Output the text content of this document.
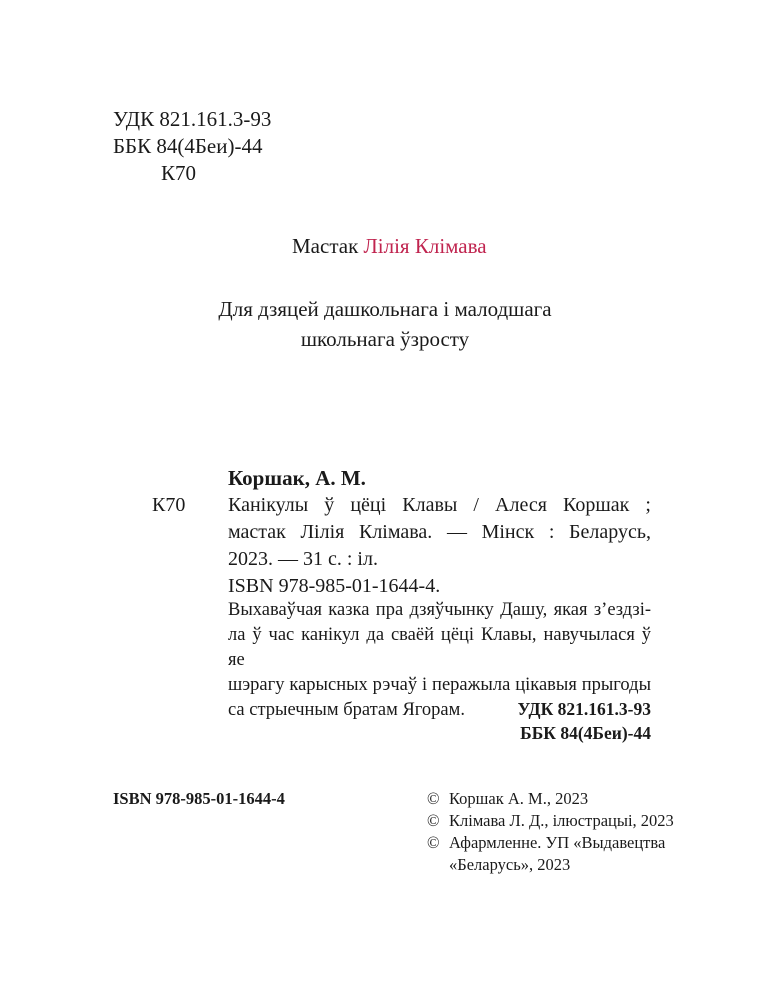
УДК 821.161.3-93
ББК 84(4Беи)-44
К70
Мастак Лілія Клімава
Для дзяцей дашкольнага і малодшага
школьнага ўзросту
Коршак, А. М.
К70 Канікулы ў цёці Клавы / Алеся Коршак ;
мастак Лілія Клімава. — Мінск : Беларусь,
2023. — 31 с. : іл.
ISBN 978-985-01-1644-4.
Выхаваўчая казка пра дзяўчынку Дашу, якая з’ездзі-
ла ў час канікул да сваёй цёці Клавы, навучылася ў яе
шэрагу карысных рэчаў і перажыла цікавыя прыгоды
са стрыечным братам Ягорам.	УДК 821.161.3-93
ББК 84(4Беи)-44
ISBN 978-985-01-1644-4	© Коршак А. М., 2023
© Клімава Л. Д., ілюстрацыі, 2023
© Афармленне. УП «Выдавецтва
«Беларусь», 2023
